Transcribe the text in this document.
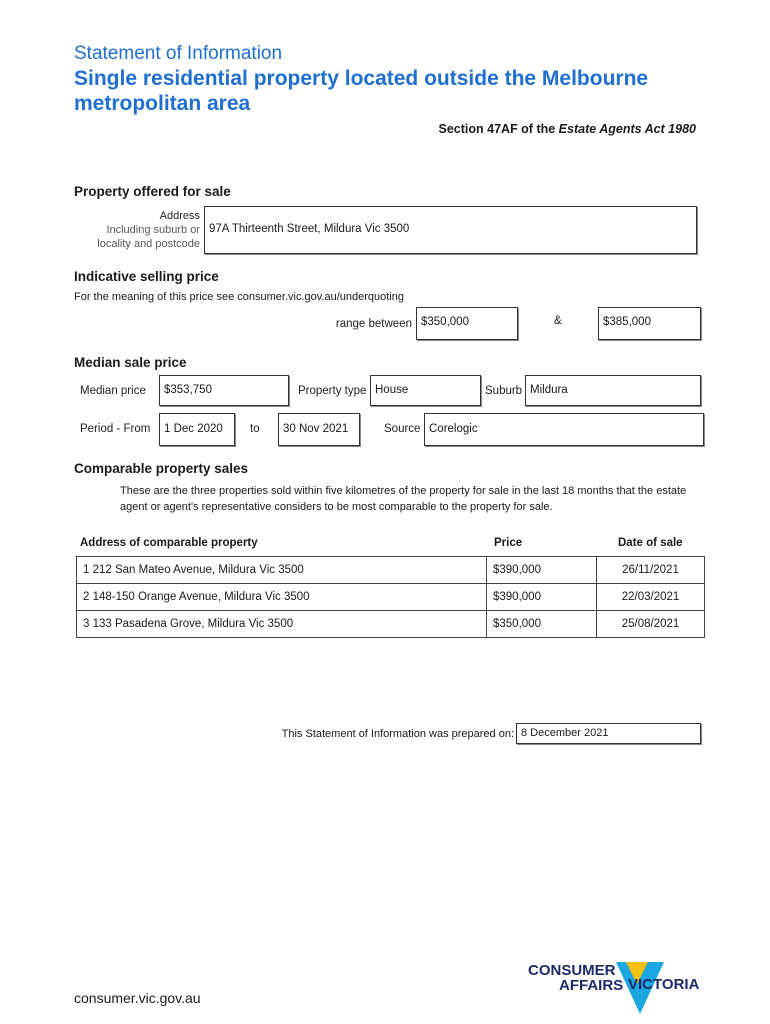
Statement of Information
Single residential property located outside the Melbourne metropolitan area
Section 47AF of the Estate Agents Act 1980
Property offered for sale
Address
Including suburb or
locality and postcode
97A Thirteenth Street, Mildura Vic 3500
Indicative selling price
For the meaning of this price see consumer.vic.gov.au/underquoting
range between $350,000	&	$385,000
Median sale price
Median price	$353,750	Property type House	Suburb Mildura
Period - From	1 Dec 2020	to	30 Nov 2021	Source Corelogic
Comparable property sales
These are the three properties sold within five kilometres of the property for sale in the last 18 months that the estate agent or agent's representative considers to be most comparable to the property for sale.
Address of comparable property	Price	Date of sale
1 212 San Mateo Avenue, Mildura Vic 3500	$390,000	26/11/2021
2 148-150 Orange Avenue, Mildura Vic 3500	$390,000	22/03/2021
3 133 Pasadena Grove, Mildura Vic 3500	$350,000	25/08/2021
This Statement of Information was prepared on: 8 December 2021
consumer.vic.gov.au
CONSUMER
AFFAIRS VICTORIA
